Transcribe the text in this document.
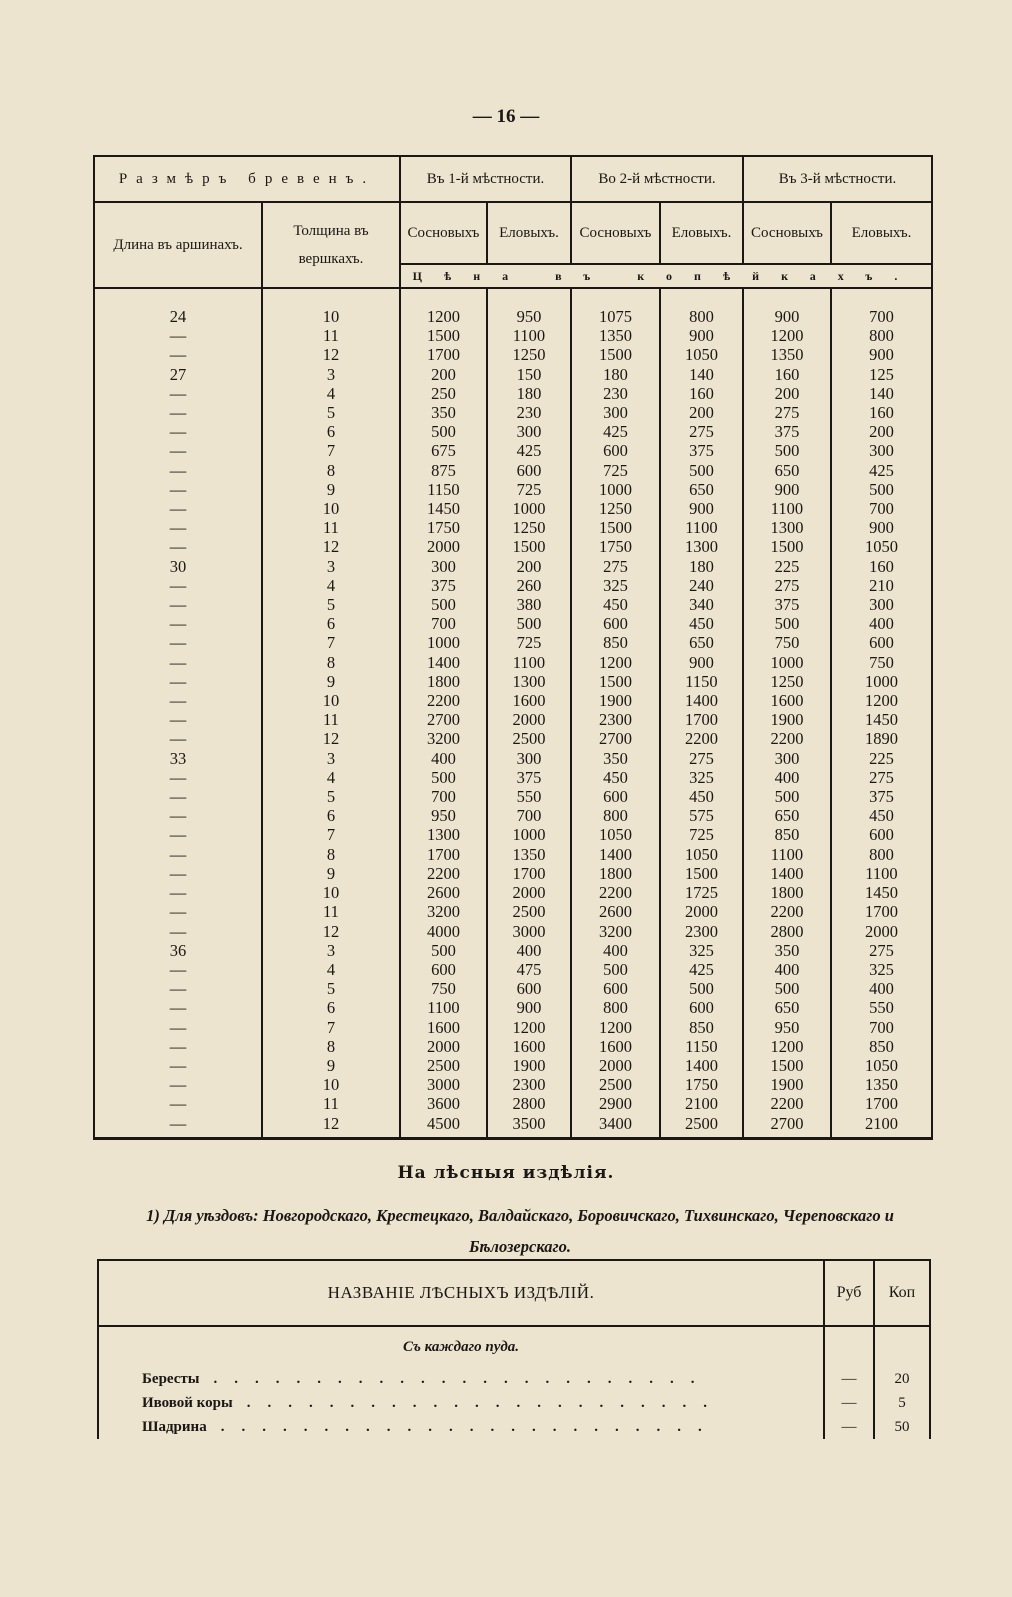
— 16 —
Размѣръ бревенъ.		Въ 1-й мѣстности.		Во 2-й мѣстности.		Въ 3-й мѣстности.	
Длина въ аршинахъ.	Толщина въ вершкахъ.	Сосновыхъ	Еловыхъ.	Сосновыхъ	Еловыхъ.	Сосновыхъ	Еловыхъ.
		Цѣна въ копѣйкахъ.					
24	10	1200	950	1075	800	900	700
—	11	1500	1100	1350	900	1200	800
—	12	1700	1250	1500	1050	1350	900
27	3	200	150	180	140	160	125
—	4	250	180	230	160	200	140
—	5	350	230	300	200	275	160
—	6	500	300	425	275	375	200
—	7	675	425	600	375	500	300
—	8	875	600	725	500	650	425
—	9	1150	725	1000	650	900	500
—	10	1450	1000	1250	900	1100	700
—	11	1750	1250	1500	1100	1300	900
—	12	2000	1500	1750	1300	1500	1050
30	3	300	200	275	180	225	160
—	4	375	260	325	240	275	210
—	5	500	380	450	340	375	300
—	6	700	500	600	450	500	400
—	7	1000	725	850	650	750	600
—	8	1400	1100	1200	900	1000	750
—	9	1800	1300	1500	1150	1250	1000
—	10	2200	1600	1900	1400	1600	1200
—	11	2700	2000	2300	1700	1900	1450
—	12	3200	2500	2700	2200	2200	1890
33	3	400	300	350	275	300	225
—	4	500	375	450	325	400	275
—	5	700	550	600	450	500	375
—	6	950	700	800	575	650	450
—	7	1300	1000	1050	725	850	600
—	8	1700	1350	1400	1050	1100	800
—	9	2200	1700	1800	1500	1400	1100
—	10	2600	2000	2200	1725	1800	1450
—	11	3200	2500	2600	2000	2200	1700
—	12	4000	3000	3200	2300	2800	2000
36	3	500	400	400	325	350	275
—	4	600	475	500	425	400	325
—	5	750	600	600	500	500	400
—	6	1100	900	800	600	650	550
—	7	1600	1200	1200	850	950	700
—	8	2000	1600	1600	1150	1200	850
—	9	2500	1900	2000	1400	1500	1050
—	10	3000	2300	2500	1750	1900	1350
—	11	3600	2800	2900	2100	2200	1700
—	12	4500	3500	3400	2500	2700	2100
На лѣсныя издѣлія.
1) Для уѣздовъ: Новгородскаго, Крестецкаго, Валдайскаго, Боровичскаго, Тихвинскаго, Череповскаго и Бѣлозерскаго.
НАЗВАНІЕ ЛѢСНЫХЪ ИЗДѢЛІЙ.	Руб	Коп
Съ каждаго пуда.		
Бересты ........................	—	20
Ивовой коры .......................	—	5
Шадрина ........................	—	50
